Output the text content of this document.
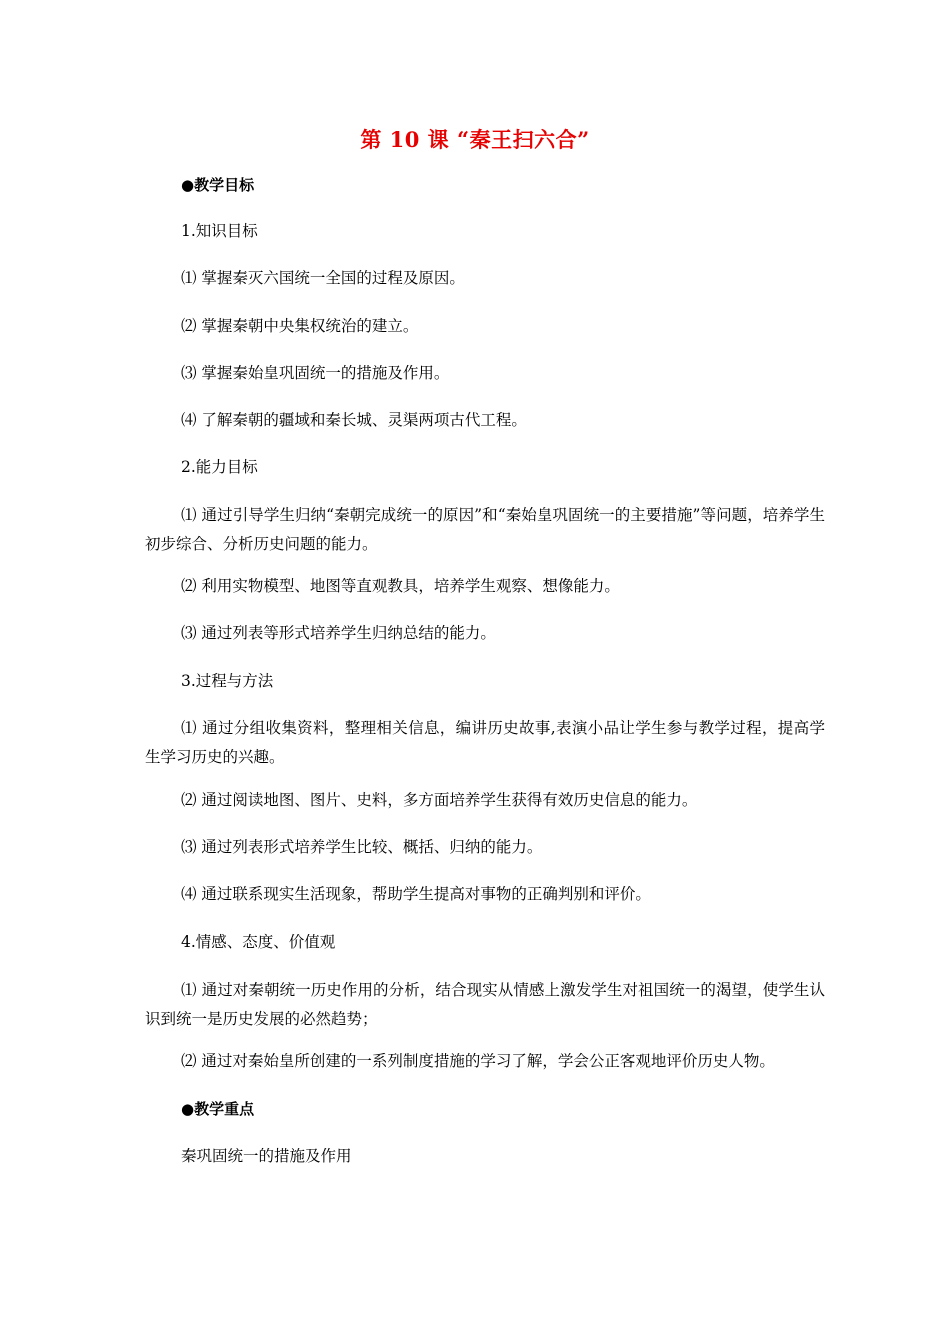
第 10 课 “秦王扫六合”
●教学目标
1.知识目标
⑴ 掌握秦灭六国统一全国的过程及原因。
⑵ 掌握秦朝中央集权统治的建立。
⑶ 掌握秦始皇巩固统一的措施及作用。
⑷ 了解秦朝的疆域和秦长城、灵渠两项古代工程。
2.能力目标
⑴ 通过引导学生归纳“秦朝完成统一的原因”和“秦始皇巩固统一的主要措施”等问题，培养学生初步综合、分析历史问题的能力。
⑵ 利用实物模型、地图等直观教具，培养学生观察、想像能力。
⑶ 通过列表等形式培养学生归纳总结的能力。
3.过程与方法
⑴ 通过分组收集资料，整理相关信息，编讲历史故事,表演小品让学生参与教学过程，提高学生学习历史的兴趣。
⑵ 通过阅读地图、图片、史料，多方面培养学生获得有效历史信息的能力。
⑶ 通过列表形式培养学生比较、概括、归纳的能力。
⑷ 通过联系现实生活现象，帮助学生提高对事物的正确判别和评价。
4.情感、态度、价值观
⑴ 通过对秦朝统一历史作用的分析，结合现实从情感上激发学生对祖国统一的渴望，使学生认识到统一是历史发展的必然趋势；
⑵ 通过对秦始皇所创建的一系列制度措施的学习了解，学会公正客观地评价历史人物。
●教学重点
秦巩固统一的措施及作用
